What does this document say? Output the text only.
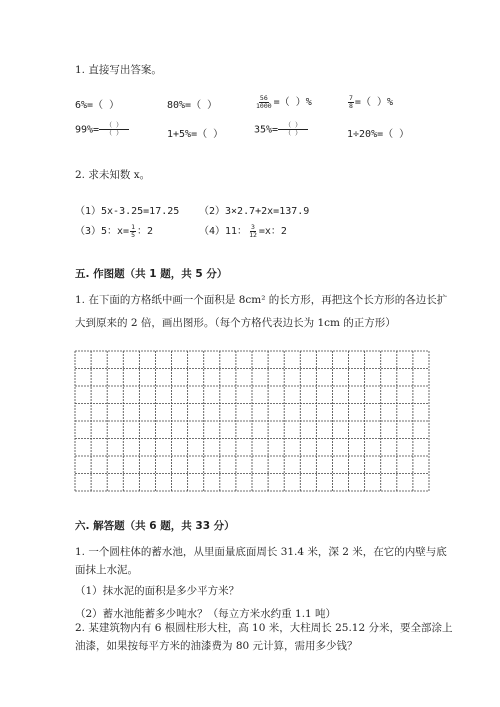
1. 直接写出答案。
6%=（ ）	80%=（ ）	$\frac{56}{1000}$ =（ ）%	$\frac{7}{8}$ =（ ）%
$99\%= \frac{( )}{( )}$	1+5%=（ ）	$35\%= \frac{( )}{( )}$	1÷20%=（ ）
2. 求未知数 x。
（1）5x-3.25=17.25 （2）3×2.7+2x=137.9
（3）5：$x= \frac{1}{5}$ ：2	（4）11： $\frac{3}{12} =x$：2
五. 作图题（共 1 题，共 5 分）
1. 在下面的方格纸中画一个面积是 8cm² 的长方形，再把这个长方形的各边长扩
大到原来的 2 倍，画出图形。（每个方格代表边长为 1cm 的正方形）
六. 解答题（共 6 题，共 33 分）
1. 一个圆柱体的蓄水池，从里面量底面周长 31.4 米，深 2 米，在它的内壁与底
面抹上水泥。
（1）抹水泥的面积是多少平方米？
（2）蓄水池能蓄多少吨水？（每立方米水约重 1.1 吨）
2. 某建筑物内有 6 根圆柱形大柱，高 10 米，大柱周长 25.12 分米，要全部涂上
油漆，如果按每平方米的油漆费为 80 元计算，需用多少钱？
